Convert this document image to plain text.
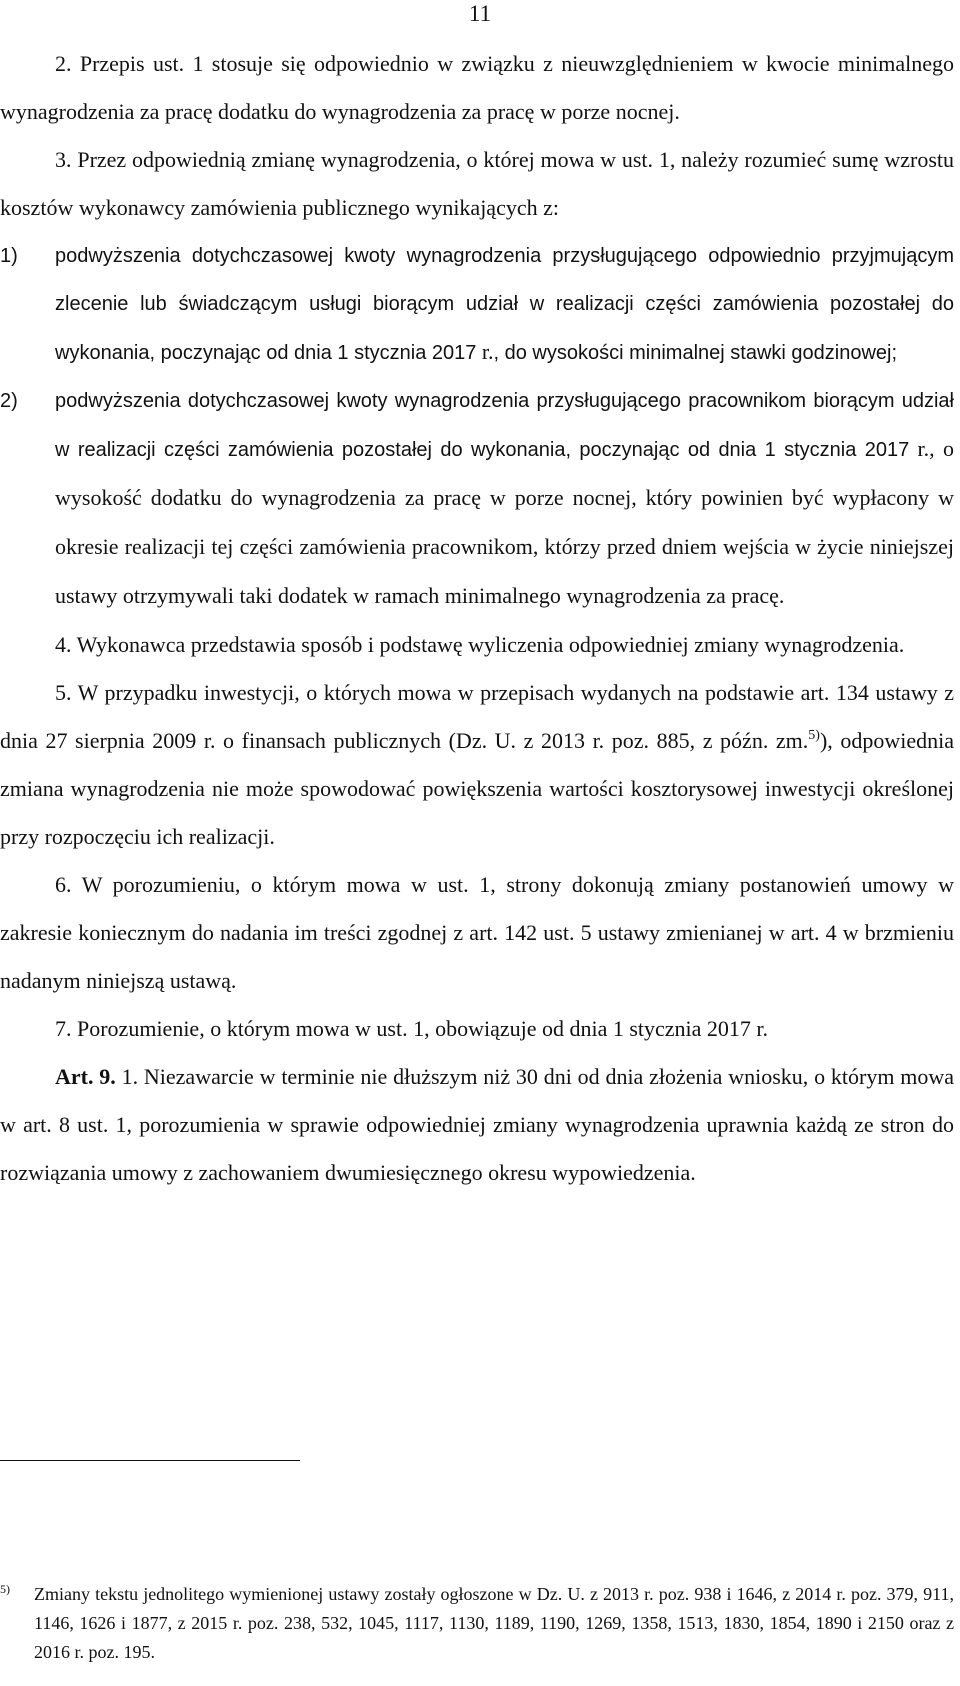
11

2. Przepis ust. 1 stosuje się odpowiednio w związku z nieuwzględnieniem w kwocie minimalnego wynagrodzenia za pracę dodatku do wynagrodzenia za pracę w porze nocnej.

3. Przez odpowiednią zmianę wynagrodzenia, o której mowa w ust. 1, należy rozumieć sumę wzrostu kosztów wykonawcy zamówienia publicznego wynikających z:

1)	podwyższenia dotychczasowej kwoty wynagrodzenia przysługującego odpowiednio przyjmującym zlecenie lub świadczącym usługi biorącym udział w realizacji części zamówienia pozostałej do wykonania, poczynając od dnia 1 stycznia 2017 r., do wysokości minimalnej stawki godzinowej;
2)	podwyższenia dotychczasowej kwoty wynagrodzenia przysługującego pracownikom biorącym udział w realizacji części zamówienia pozostałej do wykonania, poczynając od dnia 1 stycznia 2017 r., o wysokość dodatku do wynagrodzenia za pracę w porze nocnej, który powinien być wypłacony w okresie realizacji tej części zamówienia pracownikom, którzy przed dniem wejścia w życie niniejszej ustawy otrzymywali taki dodatek w ramach minimalnego wynagrodzenia za pracę.

4. Wykonawca przedstawia sposób i podstawę wyliczenia odpowiedniej zmiany wynagrodzenia.

5. W przypadku inwestycji, o których mowa w przepisach wydanych na podstawie art. 134 ustawy z dnia 27 sierpnia 2009 r. o finansach publicznych (Dz. U. z 2013 r. poz. 885, z późn. zm.$^{5)}$), odpowiednia zmiana wynagrodzenia nie może spowodować powiększenia wartości kosztorysowej inwestycji określonej przy rozpoczęciu ich realizacji.

6. W porozumieniu, o którym mowa w ust. 1, strony dokonują zmiany postanowień umowy w zakresie koniecznym do nadania im treści zgodnej z art. 142 ust. 5 ustawy zmienianej w art. 4 w brzmieniu nadanym niniejszą ustawą.

7. Porozumienie, o którym mowa w ust. 1, obowiązuje od dnia 1 stycznia 2017 r.

Art. 9. 1. Niezawarcie w terminie nie dłuższym niż 30 dni od dnia złożenia wniosku, o którym mowa w art. 8 ust. 1, porozumienia w sprawie odpowiedniej zmiany wynagrodzenia uprawnia każdą ze stron do rozwiązania umowy z zachowaniem dwumiesięcznego okresu wypowiedzenia.

5)	Zmiany tekstu jednolitego wymienionej ustawy zostały ogłoszone w Dz. U. z 2013 r. poz. 938 i 1646, z 2014 r. poz. 379, 911, 1146, 1626 i 1877, z 2015 r. poz. 238, 532, 1045, 1117, 1130, 1189, 1190, 1269, 1358, 1513, 1830, 1854, 1890 i 2150 oraz z 2016 r. poz. 195.
